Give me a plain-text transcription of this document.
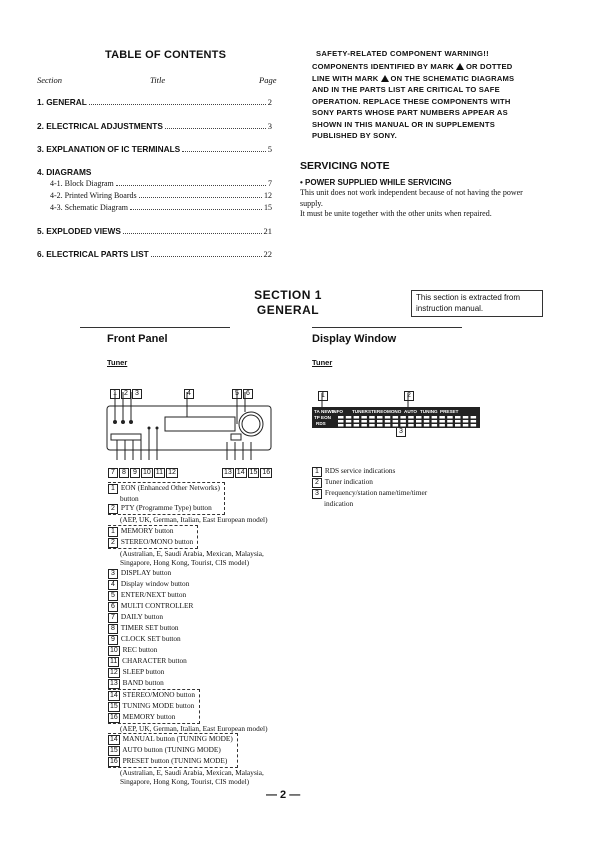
TABLE OF CONTENTS
Section	Title	Page
1. GENERAL	2
2. ELECTRICAL ADJUSTMENTS	3
3. EXPLANATION OF IC TERMINALS	5
4. DIAGRAMS
4-1. Block Diagram	7
4-2. Printed Wiring Boards	12
4-3. Schematic Diagram	15
5. EXPLODED VIEWS	21
6. ELECTRICAL PARTS LIST	22
SAFETY-RELATED COMPONENT WARNING!!
COMPONENTS IDENTIFIED BY MARK OR DOTTED LINE WITH MARK ON THE SCHEMATIC DIAGRAMS AND IN THE PARTS LIST ARE CRITICAL TO SAFE OPERATION. REPLACE THESE COMPONENTS WITH SONY PARTS WHOSE PART NUMBERS APPEAR AS SHOWN IN THIS MANUAL OR IN SUPPLEMENTS PUBLISHED BY SONY.
SERVICING NOTE
• POWER SUPPLIED WHILE SERVICING
This unit does not work independent because of not having the power supply.
It must be unite together with the other units when repaired.
SECTION 1
GENERAL
This section is extracted from instruction manual.
Front Panel
Tuner
1 2 3	4	5 6
7 8 9 10 11 12	13 14 15 16
1 EON (Enhanced Other Networks)
button
2 PTY (Programme Type) button
(AEP, UK, German, Italian, East European model)
1 MEMORY button
2 STEREO/MONO button
(Australian, E, Saudi Arabia, Mexican, Malaysia,
Singapore, Hong Kong, Tourist, CIS model)
3 DISPLAY button
4 Display window button
5 ENTER/NEXT button
6 MULTI CONTROLLER
7 DAILY button
8 TIMER SET button
9 CLOCK SET button
10 REC button
11 CHARACTER button
12 SLEEP button
13 BAND button
14 STEREO/MONO button
15 TUNING MODE button
16 MEMORY button
(AEP, UK, German, Italian, East European model)
14 MANUAL button (TUNING MODE)
15 AUTO button (TUNING MODE)
16 PRESET button (TUNING MODE)
(Australian, E, Saudi Arabia, Mexican, Malaysia,
Singapore, Hong Kong, Tourist, CIS model)
Display Window
Tuner
1	2
TA NEWS
INFO TUNER STEREO MONO AUTO TUNING PRESET
TP EON
RDS
3
1 RDS service indications
2 Tuner indication
3 Frequency/station name/time/timer
indication
— 2 —
